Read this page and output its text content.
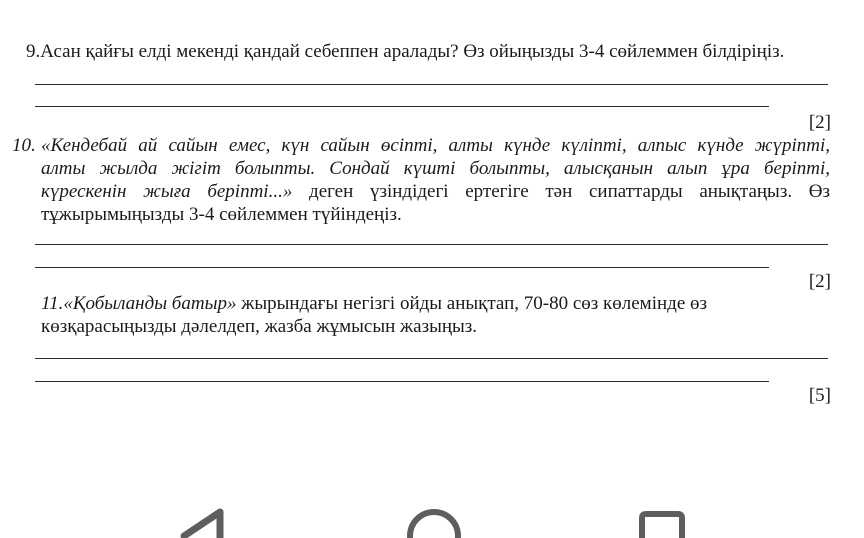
9.Асан қайғы елді мекенді қандай себеппен аралады? Өз ойыңызды 3-4 сөйлеммен білдіріңіз.
[2]
10. «Кендебай ай сайын емес, күн сайын өсіпті, алты күнде күліпті, алпыс күнде жүріпті,
алты жылда жігіт болыпты. Сондай күшті болыпты, алысқанын алып ұра беріпті,
күрескенін жыға беріпті...» деген үзіндідегі ертегіге тән сипаттарды анықтаңыз. Өз
тұжырымыңызды 3-4 сөйлеммен түйіндеңіз.
[2]
11.«Қобыланды батыр» жырындағы негізгі ойды анықтап, 70-80 сөз көлемінде өз
көзқарасыңызды дәлелдеп, жазба жұмысын жазыңыз.
[5]
